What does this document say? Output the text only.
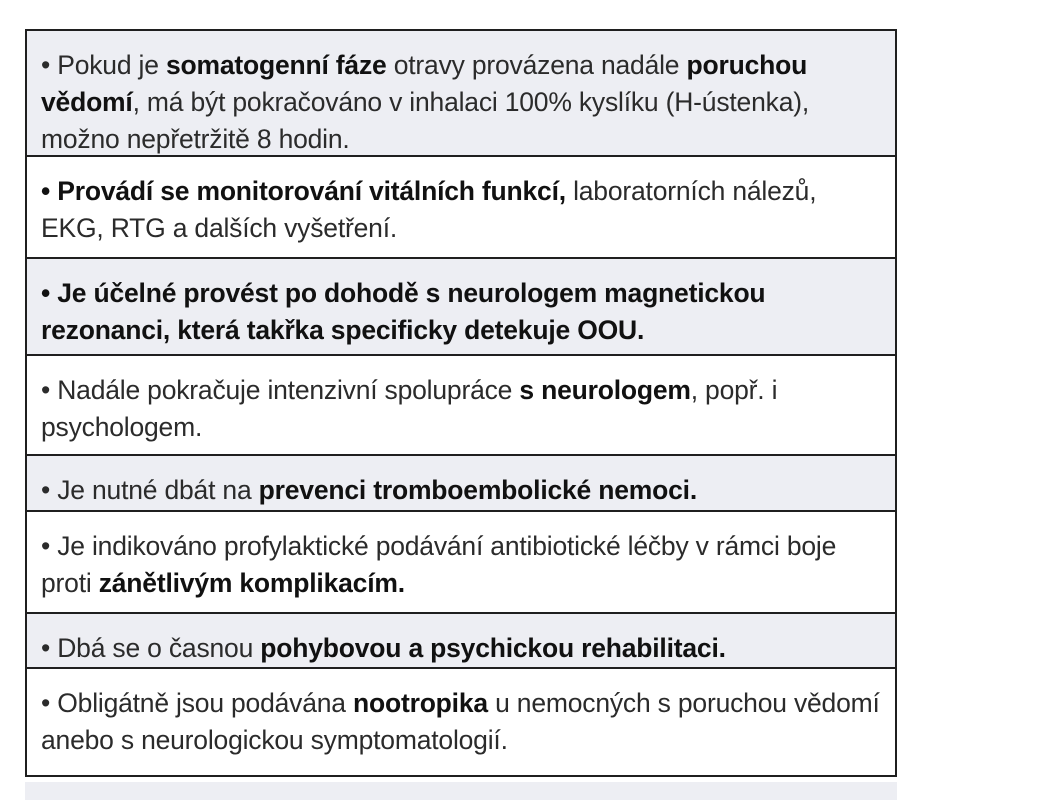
• Pokud je somatogenní fáze otravy provázena nadále poruchou vědomí, má být pokračováno v inhalaci 100% kyslíku (H-ústenka), možno nepřetržitě 8 hodin.
• Provádí se monitorování vitálních funkcí, laboratorních nálezů, EKG, RTG a dalších vyšetření.
• Je účelné provést po dohodě s neurologem magnetickou rezonanci, která takřka specificky detekuje OOU.
• Nadále pokračuje intenzivní spolupráce s neurologem, popř. i psychologem.
• Je nutné dbát na prevenci tromboembolické nemoci.
• Je indikováno profylaktické podávání antibiotické léčby v rámci boje proti zánětlivým komplikacím.
• Dbá se o časnou pohybovou a psychickou rehabilitaci.
• Obligátně jsou podávána nootropika u nemocných s poruchou vědomí anebo s neurologickou symptomatologií.
